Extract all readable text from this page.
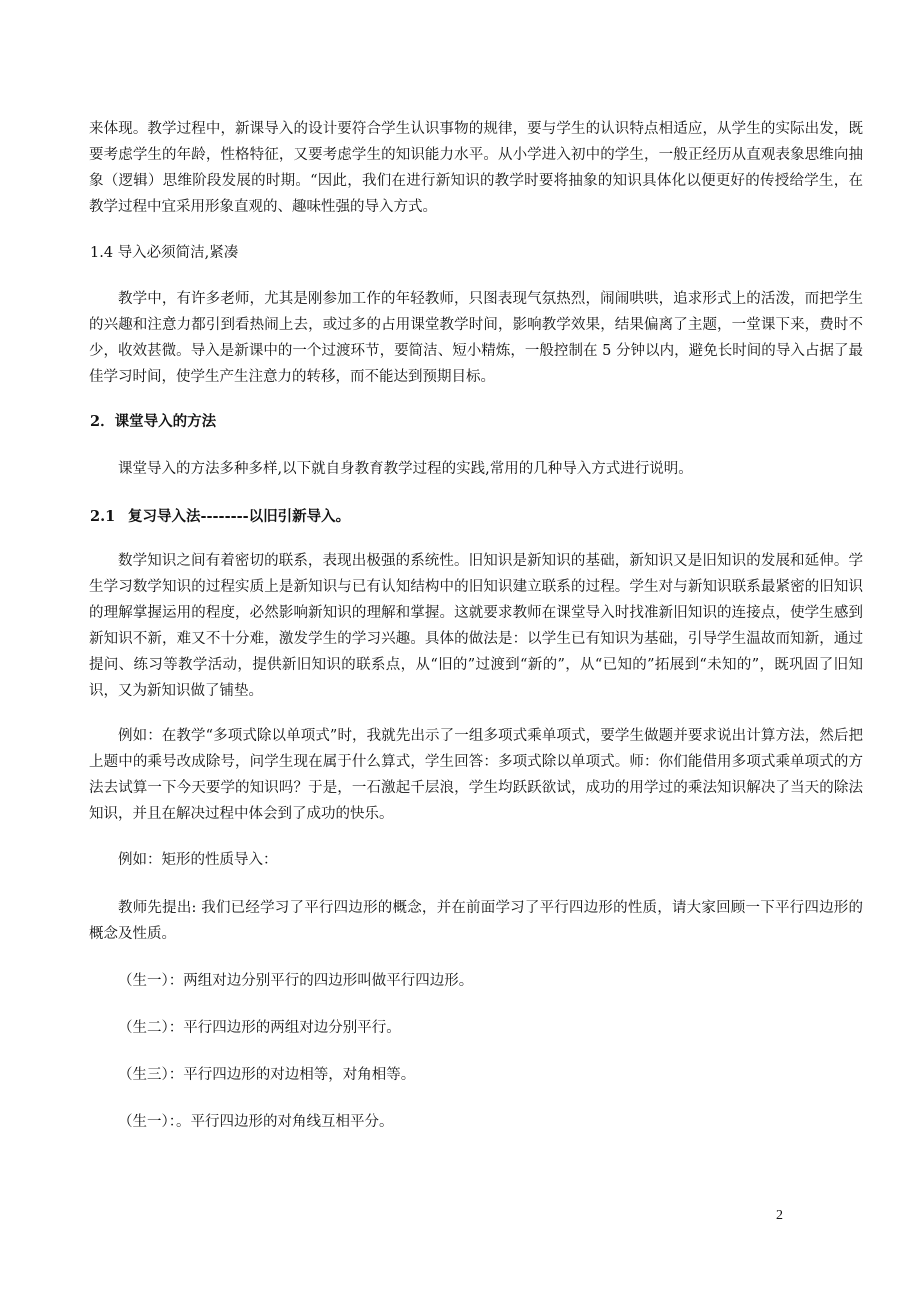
来体现。教学过程中，新课导入的设计要符合学生认识事物的规律，要与学生的认识特点相适应，从学生的实际出发，既要考虑学生的年龄，性格特征，又要考虑学生的知识能力水平。从小学进入初中的学生，一般正经历从直观表象思维向抽象（逻辑）思维阶段发展的时期。“因此，我们在进行新知识的教学时要将抽象的知识具体化以便更好的传授给学生，在教学过程中宜采用形象直观的、趣味性强的导入方式。

1.4 导入必须简洁,紧凑

教学中，有许多老师，尤其是刚参加工作的年轻教师，只图表现气氛热烈，闹闹哄哄，追求形式上的活泼，而把学生的兴趣和注意力都引到看热闹上去，或过多的占用课堂教学时间，影响教学效果，结果偏离了主题，一堂课下来，费时不少，收效甚微。导入是新课中的一个过渡环节，要简洁、短小精炼，一般控制在 5 分钟以内，避免长时间的导入占据了最佳学习时间，使学生产生注意力的转移，而不能达到预期目标。

2．课堂导入的方法

课堂导入的方法多种多样,以下就自身教育教学过程的实践,常用的几种导入方式进行说明。

2.1 复习导入法--------以旧引新导入。

数学知识之间有着密切的联系，表现出极强的系统性。旧知识是新知识的基础，新知识又是旧知识的发展和延伸。学生学习数学知识的过程实质上是新知识与已有认知结构中的旧知识建立联系的过程。学生对与新知识联系最紧密的旧知识的理解掌握运用的程度，必然影响新知识的理解和掌握。这就要求教师在课堂导入时找准新旧知识的连接点，使学生感到新知识不新，难又不十分难，激发学生的学习兴趣。具体的做法是：以学生已有知识为基础，引导学生温故而知新，通过提问、练习等教学活动，提供新旧知识的联系点，从“旧的”过渡到“新的”，从“已知的”拓展到“未知的”，既巩固了旧知识，又为新知识做了铺垫。

例如：在教学“多项式除以单项式”时，我就先出示了一组多项式乘单项式，要学生做题并要求说出计算方法，然后把上题中的乘号改成除号，问学生现在属于什么算式，学生回答：多项式除以单项式。师：你们能借用多项式乘单项式的方法去试算一下今天要学的知识吗？于是，一石激起千层浪，学生均跃跃欲试，成功的用学过的乘法知识解决了当天的除法知识，并且在解决过程中体会到了成功的快乐。

例如：矩形的性质导入：

教师先提出: 我们已经学习了平行四边形的概念，并在前面学习了平行四边形的性质，请大家回顾一下平行四边形的概念及性质。

（生一）：两组对边分别平行的四边形叫做平行四边形。

（生二）：平行四边形的两组对边分别平行。

（生三）：平行四边形的对边相等，对角相等。

（生一）：。平行四边形的对角线互相平分。

2
